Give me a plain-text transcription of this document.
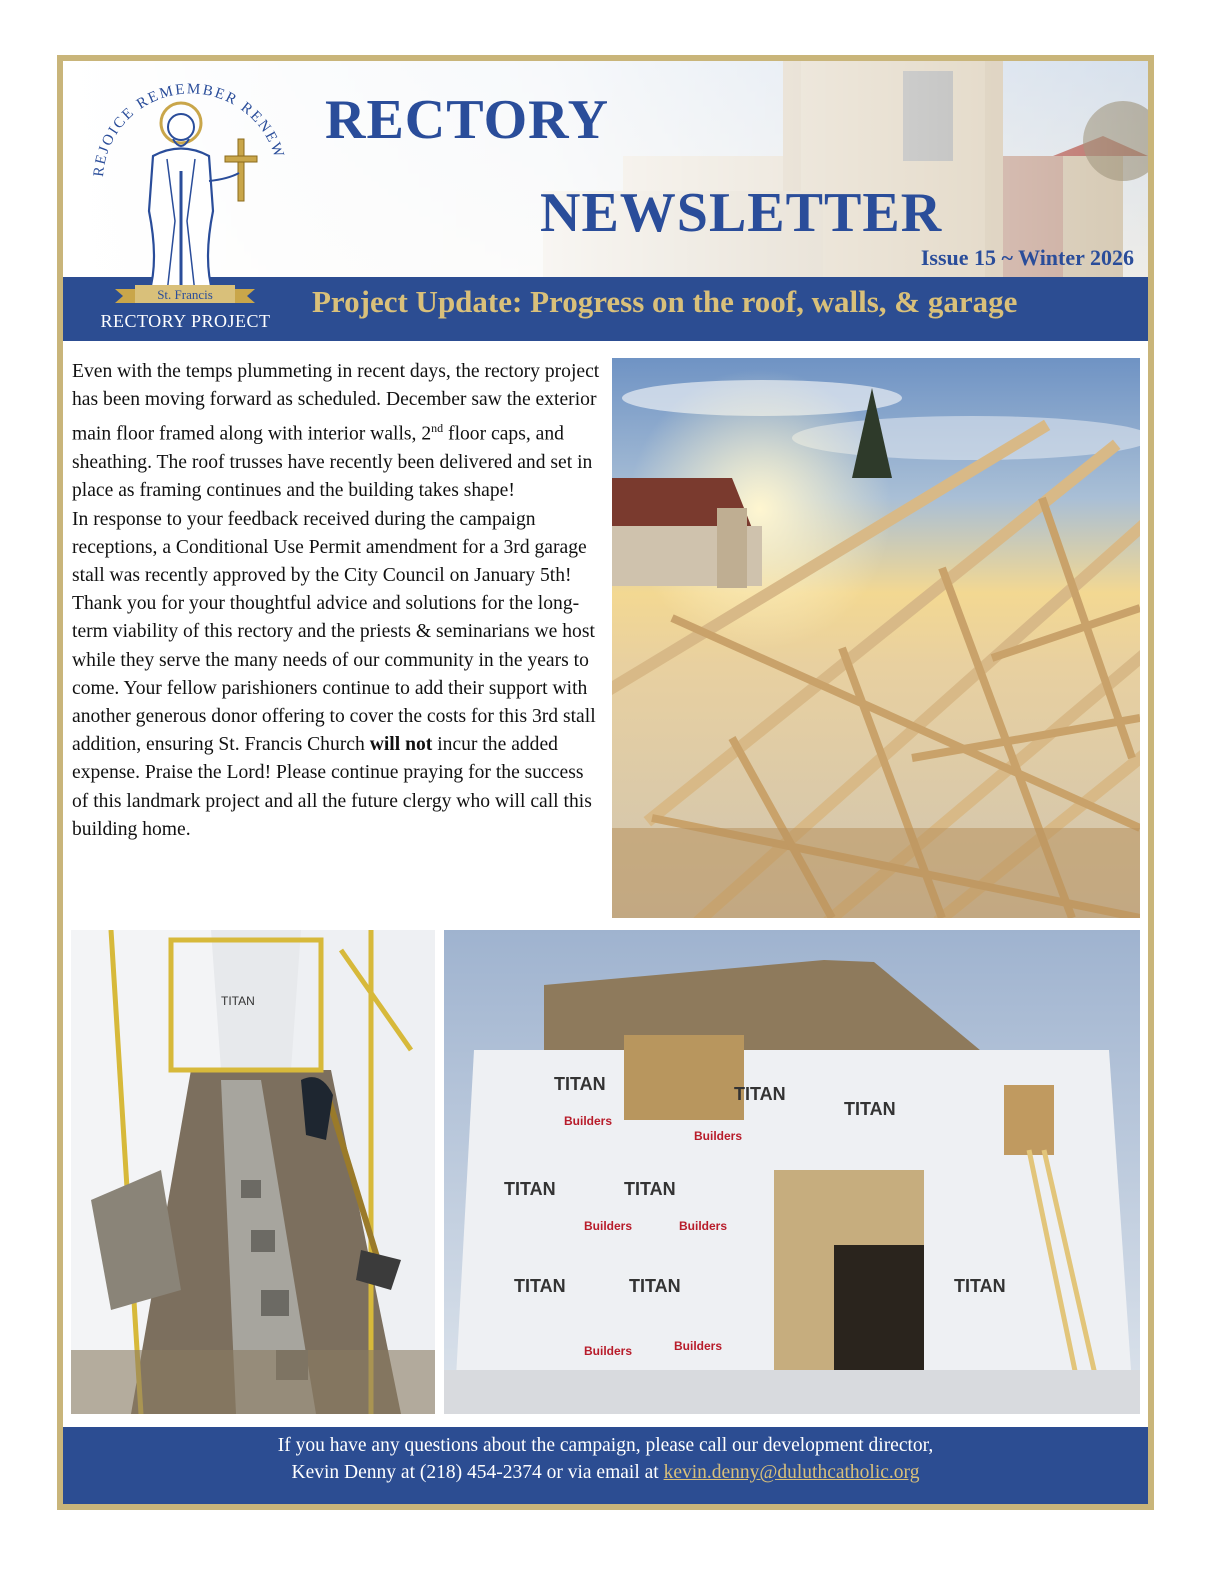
RECTORY
NEWSLETTER
Issue 15 ~ Winter 2026
Project Update: Progress on the roof, walls, & garage
REJOICE REMEMBER RENEW
St. Francis
RECTORY PROJECT

Even with the temps plummeting in recent days, the rectory project has been moving forward as scheduled. December saw the exterior main floor framed along with interior walls, 2nd floor caps, and sheathing. The roof trusses have recently been delivered and set in place as framing continues and the building takes shape!

In response to your feedback received during the campaign receptions, a Conditional Use Permit amendment for a 3rd garage stall was recently approved by the City Council on January 5th! Thank you for your thoughtful advice and solutions for the long-term viability of this rectory and the priests & seminarians we host while they serve the many needs of our community in the years to come. Your fellow parishioners continue to add their support with another generous donor offering to cover the costs for this 3rd stall addition, ensuring St. Francis Church will not incur the added expense. Praise the Lord! Please continue praying for the success of this landmark project and all the future clergy who will call this building home.

TITAN
TITAN	TITAN
TITAN
TITAN	TITAN
TITAN	TITAN	TITAN
Builders
Builders
Builders	Builders
Builders	Builders
If you have any questions about the campaign, please call our development director,
Kevin Denny at (218) 454-2374 or via email at kevin.denny@duluthcatholic.org
